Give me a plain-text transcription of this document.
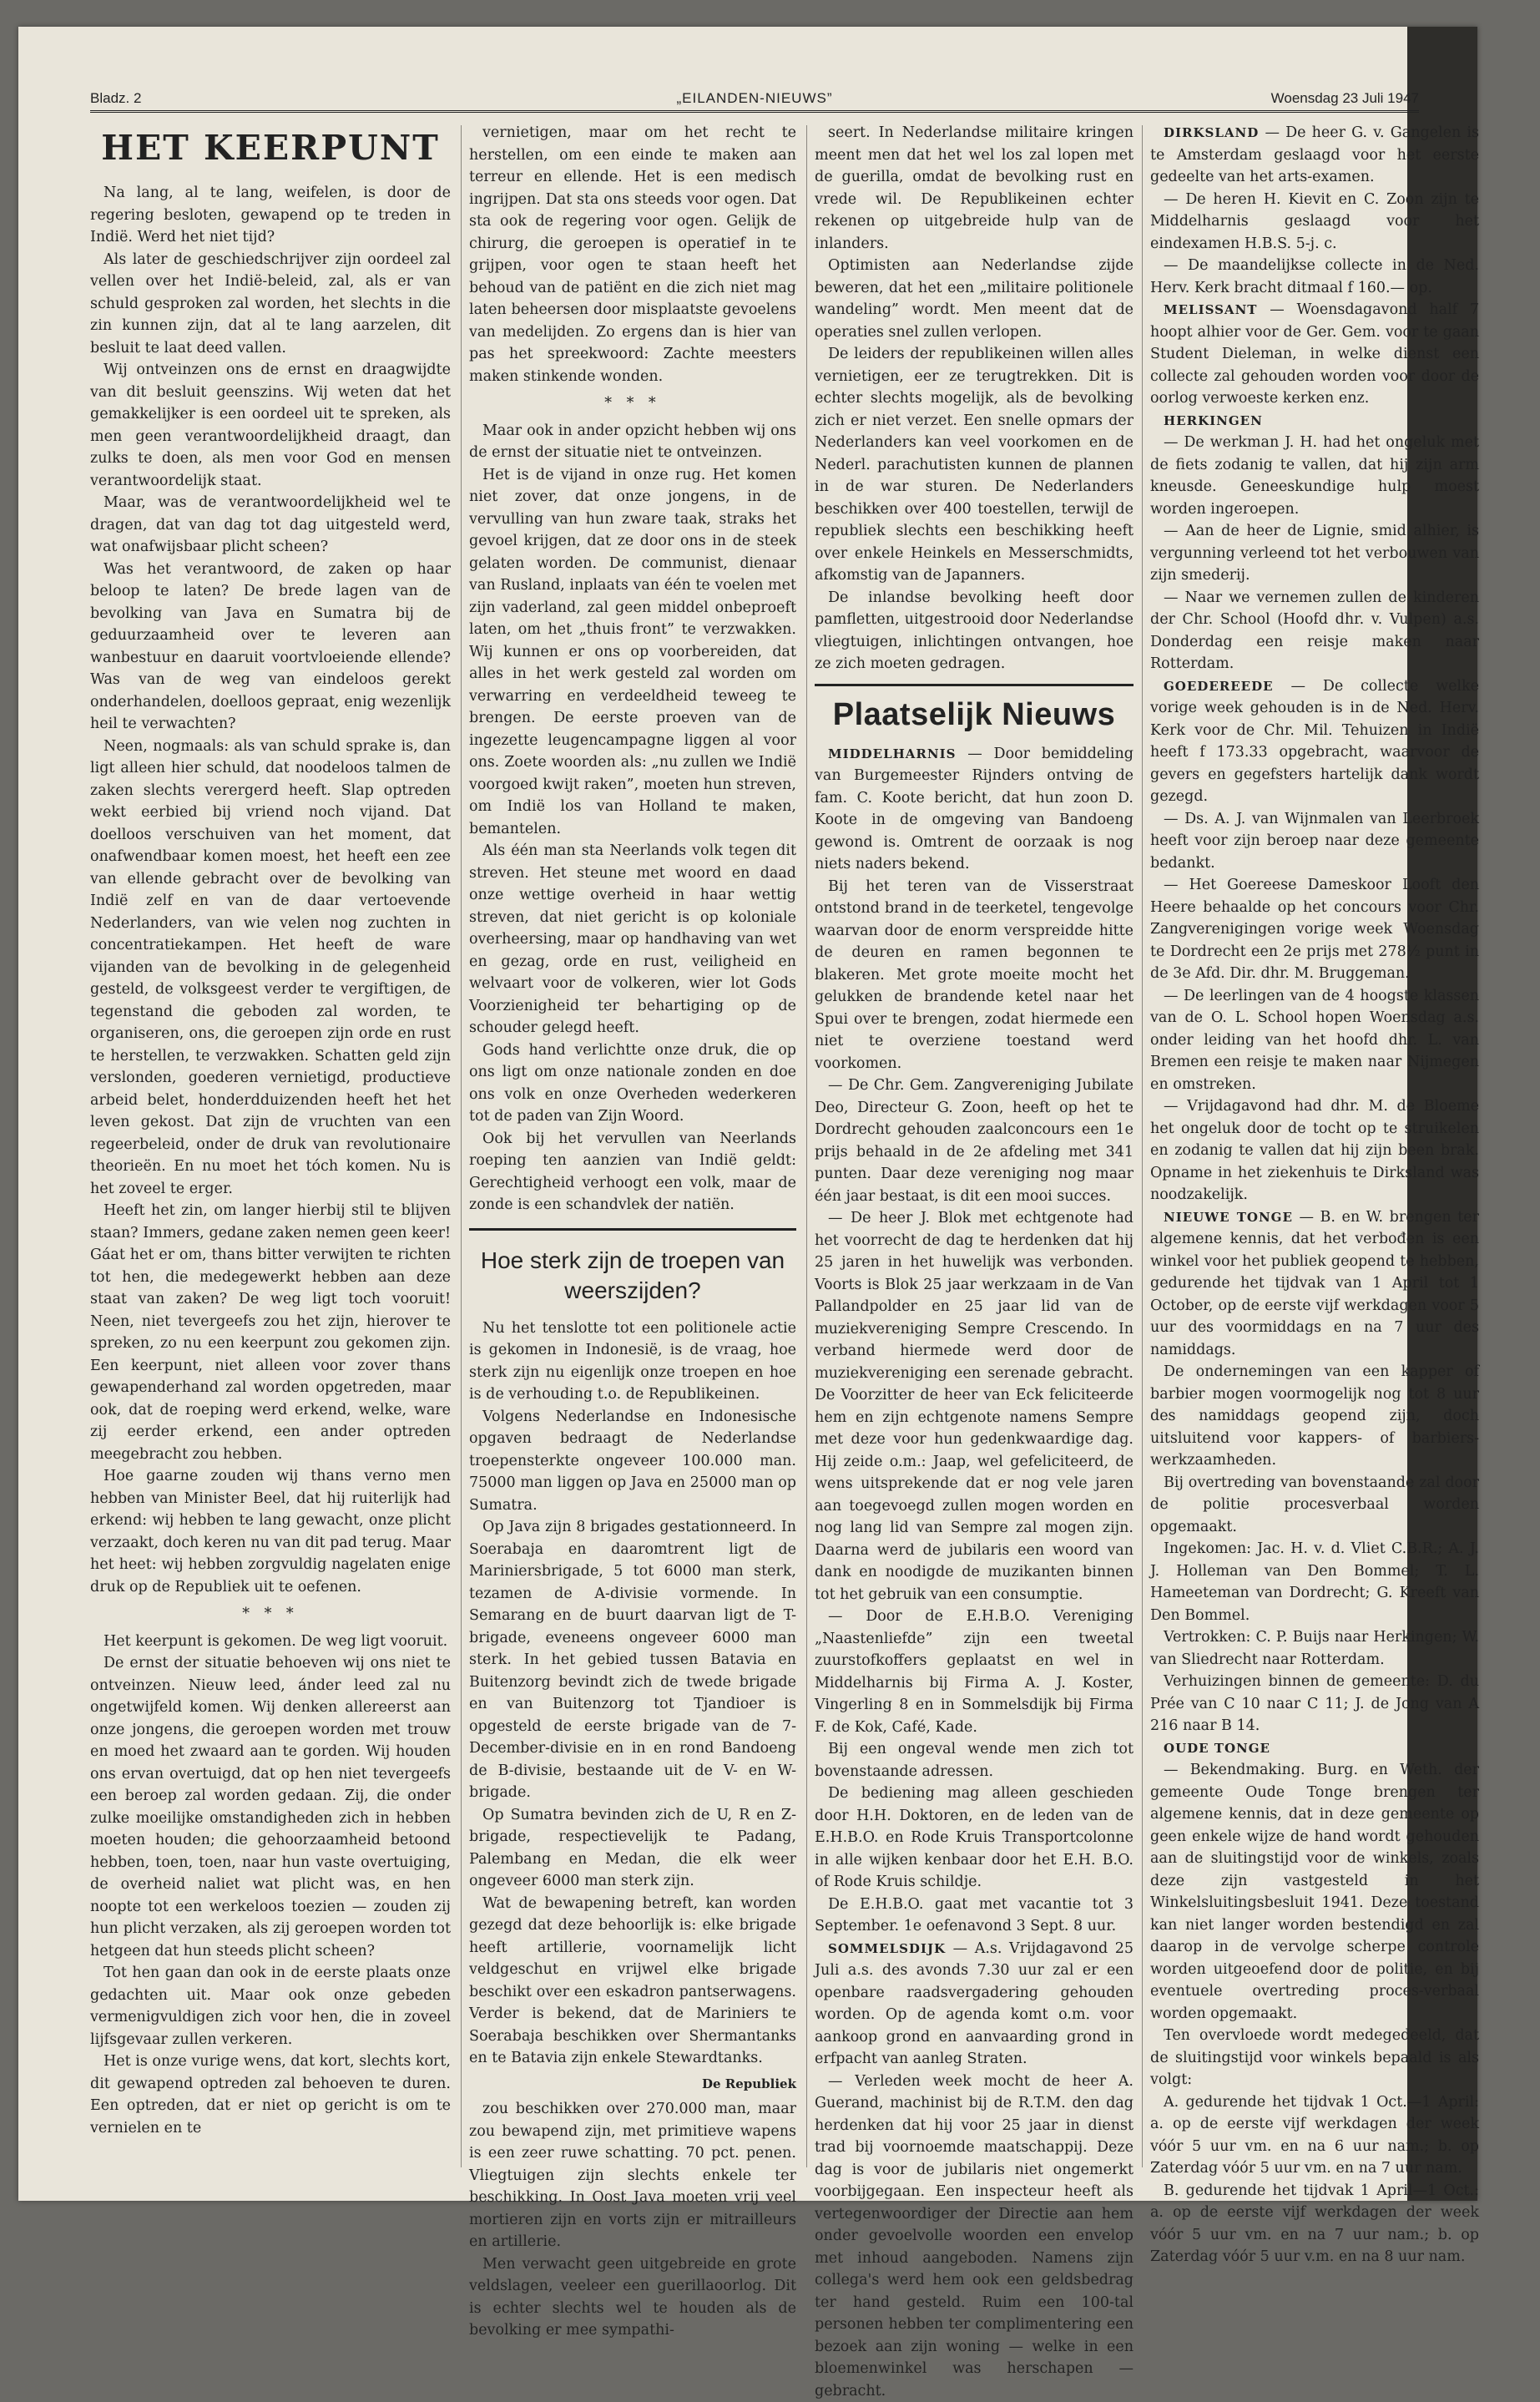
Bladz. 2	„EILANDEN-NIEUWS”	Woensdag 23 Juli 1947
HET KEERPUNT

Na lang, al te lang, weifelen, is door de regering besloten, gewapend op te treden in Indië. Werd het niet tijd?

Als later de geschiedschrijver zijn oordeel zal vellen over het Indië-beleid, zal, als er van schuld gesproken zal worden, het slechts in die zin kunnen zijn, dat al te lang aarzelen, dit besluit te laat deed vallen.

Wij ontveinzen ons de ernst en draagwijdte van dit besluit geenszins. Wij weten dat het gemakkelijker is een oordeel uit te spreken, als men geen verantwoordelijkheid draagt, dan zulks te doen, als men voor God en mensen verantwoordelijk staat.

Maar, was de verantwoordelijkheid wel te dragen, dat van dag tot dag uitgesteld werd, wat onafwijsbaar plicht scheen?

Was het verantwoord, de zaken op haar beloop te laten? De brede lagen van de bevolking van Java en Sumatra bij de geduurzaamheid over te leveren aan wanbestuur en daaruit voortvloeiende ellende? Was van de weg van eindeloos gerekt onderhandelen, doelloos gepraat, enig wezenlijk heil te verwachten?

Neen, nogmaals: als van schuld sprake is, dan ligt alleen hier schuld, dat noodeloos talmen de zaken slechts verergerd heeft. Slap optreden wekt eerbied bij vriend noch vijand. Dat doelloos verschuiven van het moment, dat onafwendbaar komen moest, het heeft een zee van ellende gebracht over de bevolking van Indië zelf en van de daar vertoevende Nederlanders, van wie velen nog zuchten in concentratiekampen. Het heeft de ware vijanden van de bevolking in de gelegenheid gesteld, de volksgeest verder te vergiftigen, de tegenstand die geboden zal worden, te organiseren, ons, die geroepen zijn orde en rust te herstellen, te verzwakken. Schatten geld zijn verslonden, goederen vernietigd, productieve arbeid belet, honderdduizenden heeft het het leven gekost. Dat zijn de vruchten van een regeerbeleid, onder de druk van revolutionaire theorieën. En nu moet het tóch komen. Nu is het zoveel te erger.

Heeft het zin, om langer hierbij stil te blijven staan? Immers, gedane zaken nemen geen keer! Gáat het er om, thans bitter verwijten te richten tot hen, die medegewerkt hebben aan deze staat van zaken? De weg ligt toch vooruit! Neen, niet tevergeefs zou het zijn, hierover te spreken, zo nu een keerpunt zou gekomen zijn. Een keerpunt, niet alleen voor zover thans gewapenderhand zal worden opgetreden, maar ook, dat de roeping werd erkend, welke, ware zij eerder erkend, een ander optreden meegebracht zou hebben.

Hoe gaarne zouden wij thans verno men hebben van Minister Beel, dat hij ruiterlijk had erkend: wij hebben te lang gewacht, onze plicht verzaakt, doch keren nu van dit pad terug. Maar het heet: wij hebben zorgvuldig nagelaten enige druk op de Republiek uit te oefenen.

* * *

Het keerpunt is gekomen. De weg ligt vooruit.

De ernst der situatie behoeven wij ons niet te ontveinzen. Nieuw leed, ánder leed zal nu ongetwijfeld komen. Wij denken allereerst aan onze jongens, die geroepen worden met trouw en moed het zwaard aan te gorden. Wij houden ons ervan overtuigd, dat op hen niet tevergeefs een beroep zal worden gedaan. Zij, die onder zulke moeilijke omstandigheden zich in hebben moeten houden; die gehoorzaamheid betoond hebben, toen, toen, naar hun vaste overtuiging, de overheid naliet wat plicht was, en hen noopte tot een werkeloos toezien — zouden zij hun plicht verzaken, als zij geroepen worden tot hetgeen dat hun steeds plicht scheen?

Tot hen gaan dan ook in de eerste plaats onze gedachten uit. Maar ook onze gebeden vermenigvuldigen zich voor hen, die in zoveel lijfsgevaar zullen verkeren.

Het is onze vurige wens, dat kort, slechts kort, dit gewapend optreden zal behoeven te duren. Een optreden, dat er niet op gericht is om te vernielen en te

vernietigen, maar om het recht te herstellen, om een einde te maken aan terreur en ellende. Het is een medisch ingrijpen. Dat sta ons steeds voor ogen. Dat sta ook de regering voor ogen. Gelijk de chirurg, die geroepen is operatief in te grijpen, voor ogen te staan heeft het behoud van de patiënt en die zich niet mag laten beheersen door misplaatste gevoelens van medelijden. Zo ergens dan is hier van pas het spreekwoord: Zachte meesters maken stinkende wonden.

* * *

Maar ook in ander opzicht hebben wij ons de ernst der situatie niet te ontveinzen.

Het is de vijand in onze rug. Het komen niet zover, dat onze jongens, in de vervulling van hun zware taak, straks het gevoel krijgen, dat ze door ons in de steek gelaten worden. De communist, dienaar van Rusland, inplaats van één te voelen met zijn vaderland, zal geen middel onbeproeft laten, om het „thuis front” te verzwakken. Wij kunnen er ons op voorbereiden, dat alles in het werk gesteld zal worden om verwarring en verdeeldheid teweeg te brengen. De eerste proeven van de ingezette leugencampagne liggen al voor ons. Zoete woorden als: „nu zullen we Indië voorgoed kwijt raken”, moeten hun streven, om Indië los van Holland te maken, bemantelen.

Als één man sta Neerlands volk tegen dit streven. Het steune met woord en daad onze wettige overheid in haar wettig streven, dat niet gericht is op koloniale overheersing, maar op handhaving van wet en gezag, orde en rust, veiligheid en welvaart voor de volkeren, wier lot Gods Voorzienigheid ter behartiging op de schouder gelegd heeft.

Gods hand verlichtte onze druk, die op ons ligt om onze nationale zonden en doe ons volk en onze Overheden wederkeren tot de paden van Zijn Woord.

Ook bij het vervullen van Neerlands roeping ten aanzien van Indië geldt: Gerechtigheid verhoogt een volk, maar de zonde is een schandvlek der natiën.

Hoe sterk zijn de troepen van weerszijden?

Nu het tenslotte tot een politionele actie is gekomen in Indonesië, is de vraag, hoe sterk zijn nu eigenlijk onze troepen en hoe is de verhouding t.o. de Republikeinen.

Volgens Nederlandse en Indonesische opgaven bedraagt de Nederlandse troepensterkte ongeveer 100.000 man. 75000 man liggen op Java en 25000 man op Sumatra.

Op Java zijn 8 brigades gestationneerd. In Soerabaja en daaromtrent ligt de Mariniersbrigade, 5 tot 6000 man sterk, tezamen de A-divisie vormende. In Semarang en de buurt daarvan ligt de T-brigade, eveneens ongeveer 6000 man sterk. In het gebied tussen Batavia en Buitenzorg bevindt zich de twede brigade en van Buitenzorg tot Tjandioer is opgesteld de eerste brigade van de 7-December-divisie en in en rond Bandoeng de B-divisie, bestaande uit de V- en W-brigade.

Op Sumatra bevinden zich de U, R en Z-brigade, respectievelijk te Padang, Palembang en Medan, die elk weer ongeveer 6000 man sterk zijn.

Wat de bewapening betreft, kan worden gezegd dat deze behoorlijk is: elke brigade heeft artillerie, voornamelijk licht veldgeschut en vrijwel elke brigade beschikt over een eskadron pantserwagens. Verder is bekend, dat de Mariniers te Soerabaja beschikken over Shermantanks en te Batavia zijn enkele Stewardtanks.

De Republiek

zou beschikken over 270.000 man, maar zou bewapend zijn, met primitieve wapens is een zeer ruwe schatting. 70 pct. penen. Vliegtuigen zijn slechts enkele ter beschikking. In Oost Java moeten vrij veel mortieren zijn en vorts zijn er mitrailleurs en artillerie.

Men verwacht geen uitgebreide en grote veldslagen, veeleer een guerillaoorlog. Dit is echter slechts wel te houden als de bevolking er mee sympathi-

seert. In Nederlandse militaire kringen meent men dat het wel los zal lopen met de guerilla, omdat de bevolking rust en vrede wil. De Republikeinen echter rekenen op uitgebreide hulp van de inlanders.

Optimisten aan Nederlandse zijde beweren, dat het een „militaire politionele wandeling” wordt. Men meent dat de operaties snel zullen verlopen.

De leiders der republikeinen willen alles vernietigen, eer ze terugtrekken. Dit is echter slechts mogelijk, als de bevolking zich er niet verzet. Een snelle opmars der Nederlanders kan veel voorkomen en de Nederl. parachutisten kunnen de plannen in de war sturen. De Nederlanders beschikken over 400 toestellen, terwijl de republiek slechts een beschikking heeft over enkele Heinkels en Messerschmidts, afkomstig van de Japanners.

De inlandse bevolking heeft door pamfletten, uitgestrooid door Nederlandse vliegtuigen, inlichtingen ontvangen, hoe ze zich moeten gedragen.

Plaatselijk Nieuws

MIDDELHARNIS — Door bemiddeling van Burgemeester Rijnders ontving de fam. C. Koote bericht, dat hun zoon D. Koote in de omgeving van Bandoeng gewond is. Omtrent de oorzaak is nog niets naders bekend.

Bij het teren van de Visserstraat ontstond brand in de teerketel, tengevolge waarvan door de enorm verspreidde hitte de deuren en ramen begonnen te blakeren. Met grote moeite mocht het gelukken de brandende ketel naar het Spui over te brengen, zodat hiermede een niet te overziene toestand werd voorkomen.

— De Chr. Gem. Zangvereniging Jubilate Deo, Directeur G. Zoon, heeft op het te Dordrecht gehouden zaalconcours een 1e prijs behaald in de 2e afdeling met 341 punten. Daar deze vereniging nog maar één jaar bestaat, is dit een mooi succes.

— De heer J. Blok met echtgenote had het voorrecht de dag te herdenken dat hij 25 jaren in het huwelijk was verbonden. Voorts is Blok 25 jaar werkzaam in de Van Pallandpolder en 25 jaar lid van de muziekvereniging Sempre Crescendo. In verband hiermede werd door de muziekvereniging een serenade gebracht. De Voorzitter de heer van Eck feliciteerde hem en zijn echtgenote namens Sempre met deze voor hun gedenkwaardige dag. Hij zeide o.m.: Jaap, wel gefeliciteerd, de wens uitsprekende dat er nog vele jaren aan toegevoegd zullen mogen worden en nog lang lid van Sempre zal mogen zijn. Daarna werd de jubilaris een woord van dank en noodigde de muzikanten binnen tot het gebruik van een consumptie.

— Door de E.H.B.O. Vereniging „Naastenliefde” zijn een tweetal zuurstofkoffers geplaatst en wel in Middelharnis bij Firma A. J. Koster, Vingerling 8 en in Sommelsdijk bij Firma F. de Kok, Café, Kade.

Bij een ongeval wende men zich tot bovenstaande adressen.

De bediening mag alleen geschieden door H.H. Doktoren, en de leden van de E.H.B.O. en Rode Kruis Transportcolonne in alle wijken kenbaar door het E.H. B.O. of Rode Kruis schildje.

De E.H.B.O. gaat met vacantie tot 3 September. 1e oefenavond 3 Sept. 8 uur.

SOMMELSDIJK — A.s. Vrijdagavond 25 Juli a.s. des avonds 7.30 uur zal er een openbare raadsvergadering gehouden worden. Op de agenda komt o.m. voor aankoop grond en aanvaarding grond in erfpacht van aanleg Straten.

— Verleden week mocht de heer A. Guerand, machinist bij de R.T.M. den dag herdenken dat hij voor 25 jaar in dienst trad bij voornoemde maatschappij. Deze dag is voor de jubilaris niet ongemerkt voorbijgegaan. Een inspecteur heeft als vertegenwoordiger der Directie aan hem onder gevoelvolle woorden een envelop met inhoud aangeboden. Namens zijn collega's werd hem ook een geldsbedrag ter hand gesteld. Ruim een 100-tal personen hebben ter complimentering een bezoek aan zijn woning — welke in een bloemenwinkel was herschapen — gebracht.

DIRKSLAND — De heer G. v. Gangelen is te Amsterdam geslaagd voor het eerste gedeelte van het arts-examen.

— De heren H. Kievit en C. Zoon zijn te Middelharnis geslaagd voor het eindexamen H.B.S. 5-j. c.

— De maandelijkse collecte in de Ned. Herv. Kerk bracht ditmaal f 160.— op.

MELISSANT — Woensdagavond half 7 hoopt alhier voor de Ger. Gem. voor te gaan Student Dieleman, in welke dienst een collecte zal gehouden worden voor door de oorlog verwoeste kerken enz.

HERKINGEN

— De werkman J. H. had het ongeluk met de fiets zodanig te vallen, dat hij zijn arm kneusde. Geneeskundige hulp moest worden ingeroepen.

— Aan de heer de Lignie, smid alhier, is vergunning verleend tot het verbouwen van zijn smederij.

— Naar we vernemen zullen de kinderen der Chr. School (Hoofd dhr. v. Vulpen) a.s. Donderdag een reisje maken naar Rotterdam.

GOEDEREEDE — De collecte welke vorige week gehouden is in de Ned. Herv. Kerk voor de Chr. Mil. Tehuizen in Indië heeft f 173.33 opgebracht, waarvoor de gevers en gegefsters hartelijk dank wordt gezegd.

— Ds. A. J. van Wijnmalen van Leerbroek heeft voor zijn beroep naar deze gemeente bedankt.

— Het Goereese Dameskoor Looft den Heere behaalde op het concours voor Chr. Zangverenigingen vorige week Woensdag te Dordrecht een 2e prijs met 278½ punt in de 3e Afd. Dir. dhr. M. Bruggeman.

— De leerlingen van de 4 hoogste klassen van de O. L. School hopen Woensdag a.s. onder leiding van het hoofd dhr. L. van Bremen een reisje te maken naar Nijmegen en omstreken.

— Vrijdagavond had dhr. M. de Bloeme het ongeluk door de tocht op te struikelen en zodanig te vallen dat hij zijn been brak. Opname in het ziekenhuis te Dirksland was noodzakelijk.

NIEUWE TONGE — B. en W. brengen ter algemene kennis, dat het verbođen is een winkel voor het publiek geopend te hebben, gedurende het tijdvak van 1 April tot 1 October, op de eerste vijf werkdagen voor 5 uur des voormiddags en na 7 uur des namiddags.

De ondernemingen van een kapper of barbier mogen voormogelijk nog tot 8 uur des namiddags geopend zijn, doch uitsluitend voor kappers- of barbiers-werkzaamheden.

Bij overtreding van bovenstaande zal door de politie procesverbaal worden opgemaakt.

Ingekomen: Jac. H. v. d. Vliet C.B.R.; A. J. J. Holleman van Den Bommel; T. L. Hameeteman van Dordrecht; G. Kreeft van Den Bommel.

Vertrokken: C. P. Buijs naar Herkingen; W. van Sliedrecht naar Rotterdam.

Verhuizingen binnen de gemeente: D. du Prée van C 10 naar C 11; J. de Jong van A 216 naar B 14.

OUDE TONGE

— Bekendmaking. Burg. en Weth. der gemeente Oude Tonge brengen ter algemene kennis, dat in deze gemeente op geen enkele wijze de hand wordt gehouden aan de sluitingstijd voor de winkels, zoals deze zijn vastgesteld in het Winkelsluitingsbesluit 1941. Deze toestand kan niet langer worden bestendigd en zal daarop in de vervolge scherpe controle worden uitgeoefend door de politie, en bij eventuele overtreding proces-verbaal worden opgemaakt.

Ten overvloede wordt medegedeeld, dat de sluitingstijd voor winkels bepaald is als volgt:

A. gedurende het tijdvak 1 Oct.—1 April: a. op de eerste vijf werkdagen der week vóór 5 uur vm. en na 6 uur nam.; b. op Zaterdag vóór 5 uur vm. en na 7 uur nam.

B. gedurende het tijdvak 1 April—1 Oct.: a. op de eerste vijf werkdagen der week vóór 5 uur vm. en na 7 uur nam.; b. op Zaterdag vóór 5 uur v.m. en na 8 uur nam.
